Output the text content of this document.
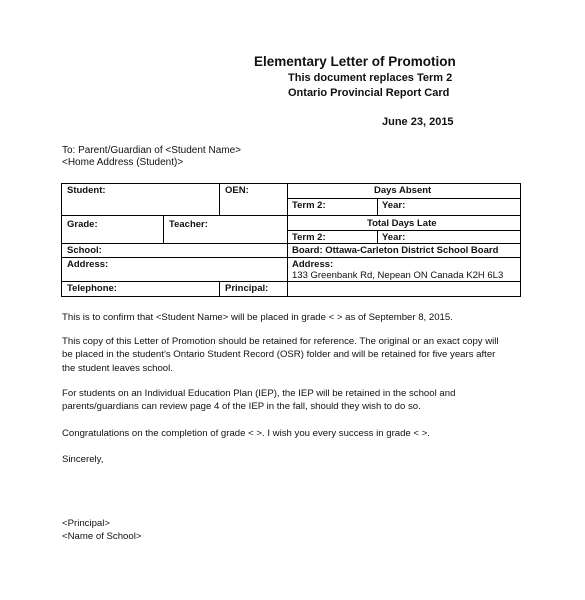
Elementary Letter of Promotion
This document replaces Term 2
Ontario Provincial Report Card
June 23, 2015
To: Parent/Guardian of <Student Name>
<Home Address (Student)>
Student:	OEN:	Days Absent
Term 2:	Year:
Grade:	Teacher:	Total Days Late
Term 2:	Year:
School:	Board: Ottawa-Carleton District School Board
Address:	Address:
133 Greenbank Rd, Nepean ON Canada K2H 6L3
Telephone:	Principal:
This is to confirm that <Student Name> will be placed in grade < > as of September 8, 2015.
This copy of this Letter of Promotion should be retained for reference. The original or an exact copy will
be placed in the student’s Ontario Student Record (OSR) folder and will be retained for five years after
the student leaves school.
For students on an Individual Education Plan (IEP), the IEP will be retained in the school and
parents/guardians can review page 4 of the IEP in the fall, should they wish to do so.
Congratulations on the completion of grade < >. I wish you every success in grade < >.
Sincerely,
<Principal>
<Name of School>
